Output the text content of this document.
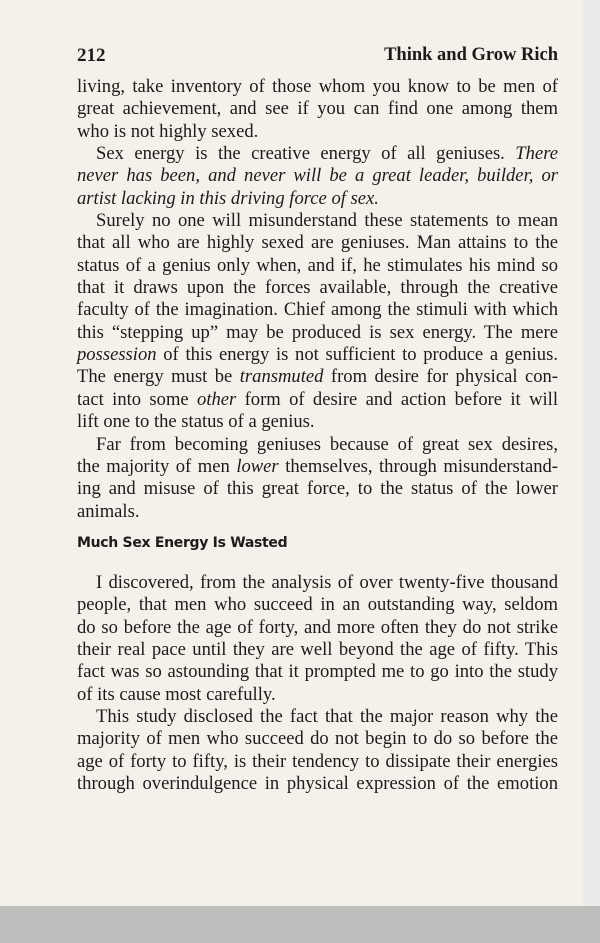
212	Think and Grow Rich
living, take inventory of those whom you know to be men of
great achievement, and see if you can find one among them
who is not highly sexed.
Sex energy is the creative energy of all geniuses. There
never has been, and never will be a great leader, builder, or
artist lacking in this driving force of sex.
Surely no one will misunderstand these statements to mean
that all who are highly sexed are geniuses. Man attains to the
status of a genius only when, and if, he stimulates his mind so
that it draws upon the forces available, through the creative
faculty of the imagination. Chief among the stimuli with which
this “stepping up” may be produced is sex energy. The mere
possession of this energy is not sufficient to produce a genius.
The energy must be transmuted from desire for physical con-
tact into some other form of desire and action before it will
lift one to the status of a genius.
Far from becoming geniuses because of great sex desires,
the majority of men lower themselves, through misunderstand-
ing and misuse of this great force, to the status of the lower
animals.
Much Sex Energy Is Wasted
I discovered, from the analysis of over twenty-five thousand
people, that men who succeed in an outstanding way, seldom
do so before the age of forty, and more often they do not strike
their real pace until they are well beyond the age of fifty. This
fact was so astounding that it prompted me to go into the study
of its cause most carefully.
This study disclosed the fact that the major reason why the
majority of men who succeed do not begin to do so before the
age of forty to fifty, is their tendency to dissipate their energies
through overindulgence in physical expression of the emotion
